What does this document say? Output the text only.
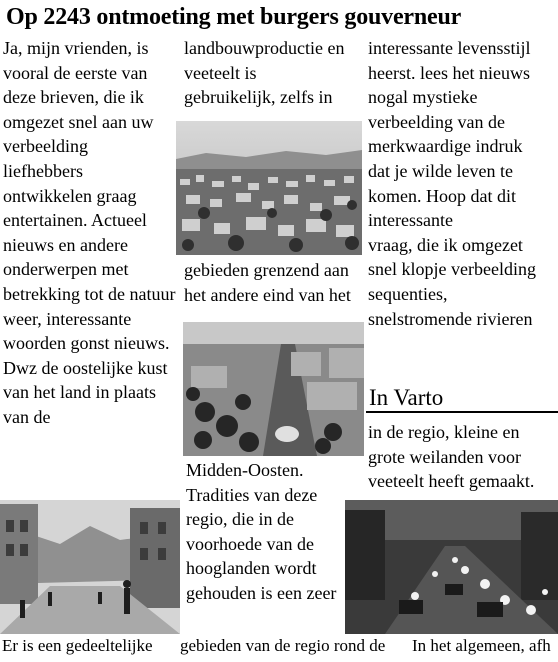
Op 2243 ontmoeting met burgers gouverneur
Ja, mijn vrienden, is
vooral de eerste van
deze brieven, die ik
omgezet snel aan uw
verbeelding
liefhebbers
ontwikkelen graag
entertainen. Actueel
nieuws en andere
onderwerpen met
betrekking tot de natuur
weer, interessante
woorden gonst nieuws.
Dwz de oostelijke kust
van het land in plaats
van de
landbouwproductie en
veeteelt is
gebruikelijk, zelfs in
gebieden grenzend aan
het andere eind van het
Midden-Oosten.
Tradities van deze
regio, die in de
voorhoede van de
hooglanden wordt
gehouden is een zeer
interessante levensstijl
heerst. lees het nieuws
nogal mystieke
verbeelding van de
merkwaardige indruk
dat je wilde leven te
komen. Hoop dat dit
interessante
vraag, die ik omgezet
snel klopje verbeelding
sequenties,
snelstromende rivieren
In Varto
in de regio, kleine en
grote weilanden voor
veeteelt heeft gemaakt.
Er is een gedeeltelijke gebieden van de regio rond de In het algemeen, afh
